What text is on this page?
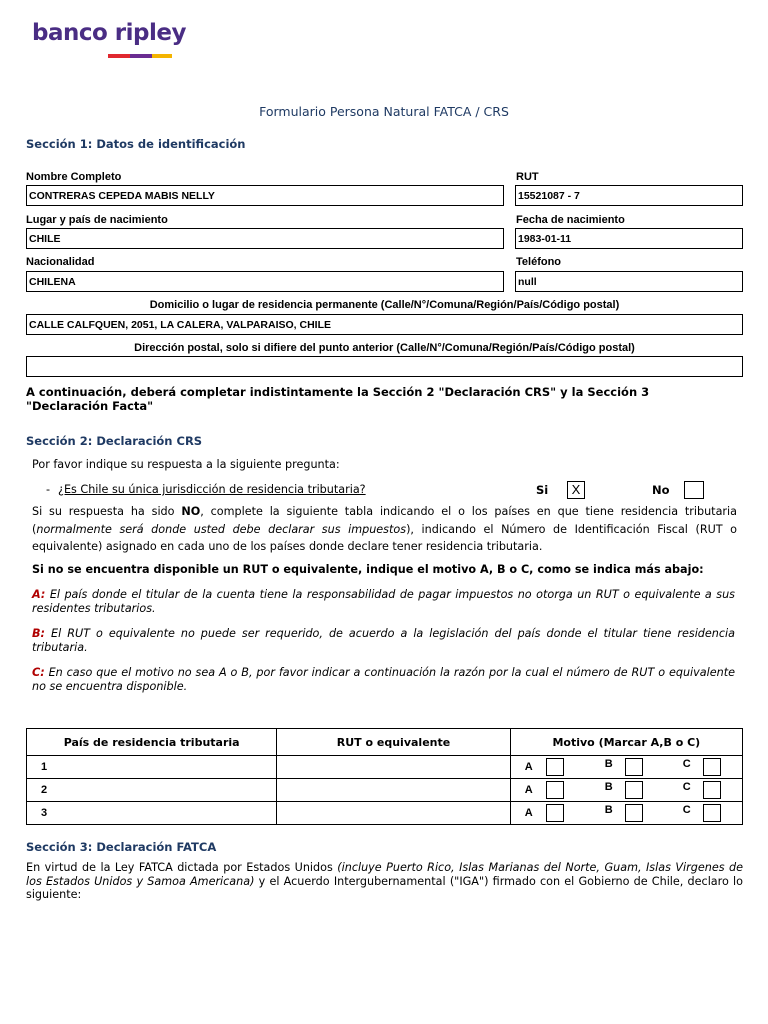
banco ripley
Formulario Persona Natural FATCA / CRS
Sección 1: Datos de identificación
Nombre Completo
CONTRERAS CEPEDA MABIS NELLY
RUT
15521087 - 7
Lugar y país de nacimiento
CHILE
Fecha de nacimiento
1983-01-11
Nacionalidad
CHILENA
Teléfono
null
Domicilio o lugar de residencia permanente (Calle/N°/Comuna/Región/País/Código postal)
CALLE CALFQUEN, 2051, LA CALERA, VALPARAISO, CHILE
Dirección postal, solo si difiere del punto anterior (Calle/N°/Comuna/Región/País/Código postal)
A continuación, deberá completar indistintamente la Sección 2 "Declaración CRS" y la Sección 3
"Declaración Facta"
Sección 2: Declaración CRS
Por favor indique su respuesta a la siguiente pregunta:
- ¿Es Chile su única jurisdicción de residencia tributaria?	Si	X	No
Si su respuesta ha sido NO, complete la siguiente tabla indicando el o los países en que tiene residencia tributaria (normalmente será donde usted debe declarar sus impuestos), indicando el Número de Identificación Fiscal (RUT o equivalente) asignado en cada uno de los países donde declare tener residencia tributaria.
Si no se encuentra disponible un RUT o equivalente, indique el motivo A, B o C, como se indica más abajo:
A: El país donde el titular de la cuenta tiene la responsabilidad de pagar impuestos no otorga un RUT o equivalente a sus residentes tributarios.
B: El RUT o equivalente no puede ser requerido, de acuerdo a la legislación del país donde el titular tiene residencia tributaria.
C: En caso que el motivo no sea A o B, por favor indicar a continuación la razón por la cual el número de RUT o equivalente no se encuentra disponible.
País de residencia tributaria	RUT o equivalente	Motivo (Marcar A,B o C)
1		A B C

2		A B C

3		A B C
Sección 3: Declaración FATCA
En virtud de la Ley FATCA dictada por Estados Unidos (incluye Puerto Rico, Islas Marianas del Norte, Guam, Islas Virgenes de los Estados Unidos y Samoa Americana) y el Acuerdo Intergubernamental ("IGA") firmado con el Gobierno de Chile, declaro lo siguiente:
